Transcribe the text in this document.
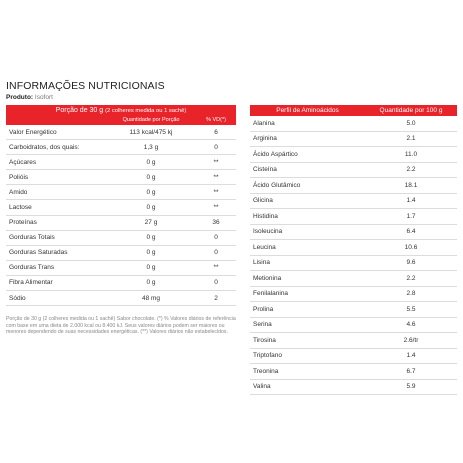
INFORMAÇÕES NUTRICIONAIS
Produto: Isofort
Porção de 30 g (2 colheres medida ou 1 sachê)
Quantidade por Porção	% VD(*)
Valor Energético	113 kcal/475 kj	6
Carboidratos, dos quais:	1,3 g	0
Açúcares	0 g	**
Polióis	0 g	**
Amido	0 g	**
Lactose	0 g	**
Proteínas	27 g	36
Gorduras Totais	0 g	0
Gorduras Saturadas	0 g	0
Gorduras Trans	0 g	**
Fibra Alimentar	0 g	0
Sódio	48 mg	2
Porção de 30 g (2 colheres medida ou 1 sachê) Sabor chocolate. (*) % Valores diários de referência com base em uma dieta de 2.000 kcal ou 8.400 kJ. Seus valores diários podem ser maiores ou menores dependendo de suas necessidades energéticas. (**) Valores diários não estabelecidos.
Perfil de Aminoácidos	Quantidade por 100 g
Alanina	5.0
Arginina	2.1
Ácido Aspártico	11.0
Cisteína	2.2
Ácido Glutâmico	18.1
Glicina	1.4
Histidina	1.7
Isoleucina	6.4
Leucina	10.6
Lisina	9.6
Metionina	2.2
Fenilalanina	2.8
Prolina	5.5
Serina	4.6
Tirosina	2.6/tr
Triptofano	1.4
Treonina	6.7
Valina	5.9
